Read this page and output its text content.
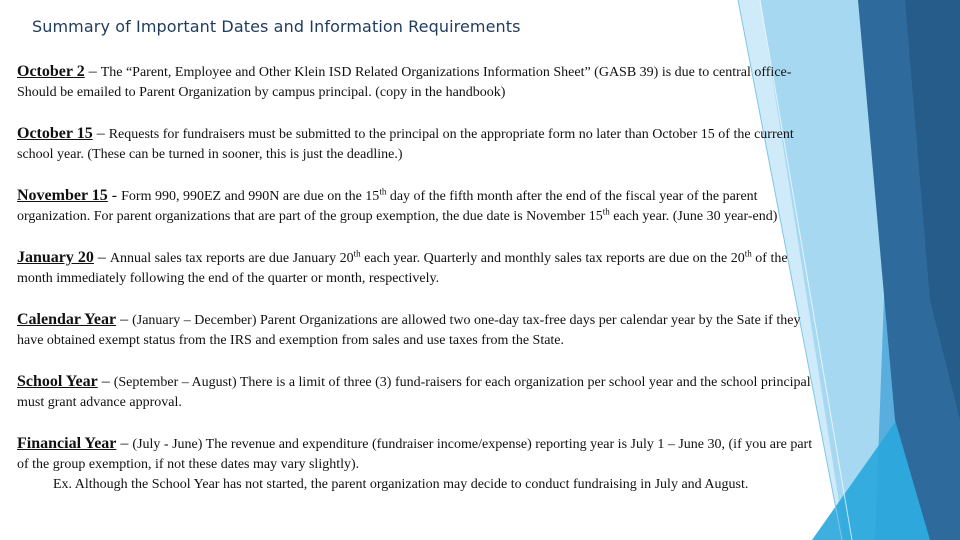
Summary of Important Dates and Information Requirements

October 2 – The “Parent, Employee and Other Klein ISD Related Organizations Information Sheet” (GASB 39) is due to central office-Should be emailed to Parent Organization by campus principal. (copy in the handbook)

October 15 – Requests for fundraisers must be submitted to the principal on the appropriate form no later than October 15 of the current school year. (These can be turned in sooner, this is just the deadline.)

November 15 - Form 990, 990EZ and 990N are due on the 15th day of the fifth month after the end of the fiscal year of the parent organization. For parent organizations that are part of the group exemption, the due date is November 15th each year. (June 30 year-end)

January 20 – Annual sales tax reports are due January 20th each year. Quarterly and monthly sales tax reports are due on the 20th of the month immediately following the end of the quarter or month, respectively.

Calendar Year – (January – December) Parent Organizations are allowed two one-day tax-free days per calendar year by the Sate if they have obtained exempt status from the IRS and exemption from sales and use taxes from the State.

School Year – (September – August) There is a limit of three (3) fund-raisers for each organization per school year and the school principal must grant advance approval.

Financial Year – (July - June) The revenue and expenditure (fundraiser income/expense) reporting year is July 1 – June 30, (if you are part of the group exemption, if not these dates may vary slightly).

Ex. Although the School Year has not started, the parent organization may decide to conduct fundraising in July and August.
